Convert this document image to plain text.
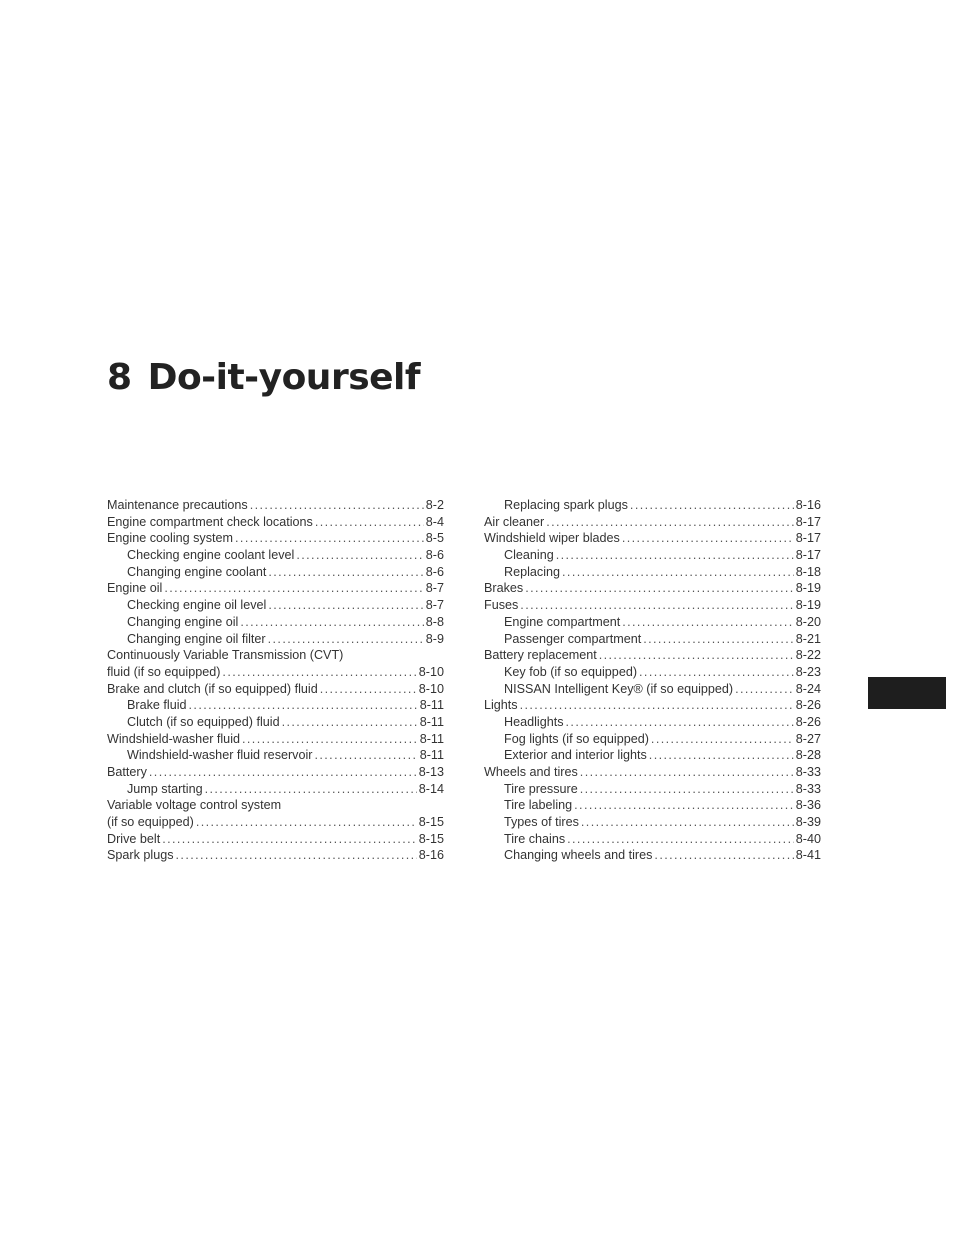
8 Do-it-yourself
Maintenance precautions .....	8-2
Engine compartment check locations .....	8-4
Engine cooling system .....	8-5
Checking engine coolant level .....	8-6
Changing engine coolant .....	8-6
Engine oil .....	8-7
Checking engine oil level .....	8-7
Changing engine oil .....	8-8
Changing engine oil filter .....	8-9
Continuously Variable Transmission (CVT)
fluid (if so equipped) .....	8-10
Brake and clutch (if so equipped) fluid .....	8-10
Brake fluid .....	8-11
Clutch (if so equipped) fluid .....	8-11
Windshield-washer fluid .....	8-11
Windshield-washer fluid reservoir .....	8-11
Battery .....	8-13
Jump starting .....	8-14
Variable voltage control system
(if so equipped) .....	8-15
Drive belt .....	8-15
Spark plugs .....	8-16
Replacing spark plugs .....	8-16
Air cleaner .....	8-17
Windshield wiper blades .....	8-17
Cleaning .....	8-17
Replacing .....	8-18
Brakes .....	8-19
Fuses .....	8-19
Engine compartment .....	8-20
Passenger compartment .....	8-21
Battery replacement .....	8-22
Key fob (if so equipped) .....	8-23
NISSAN Intelligent Key® (if so equipped) .....	8-24
Lights .....	8-26
Headlights .....	8-26
Fog lights (if so equipped) .....	8-27
Exterior and interior lights .....	8-28
Wheels and tires .....	8-33
Tire pressure .....	8-33
Tire labeling .....	8-36
Types of tires .....	8-39
Tire chains .....	8-40
Changing wheels and tires .....	8-41
